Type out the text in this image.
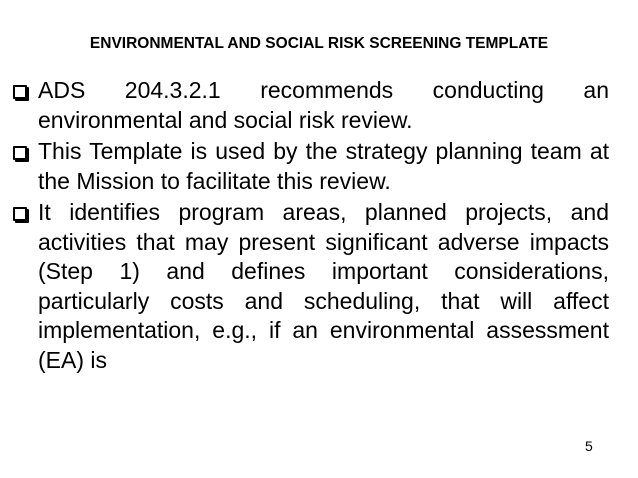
ENVIRONMENTAL AND SOCIAL RISK SCREENING TEMPLATE
ADS 204.3.2.1 recommends conducting an environmental and social risk review.
This Template is used by the strategy planning team at the Mission to facilitate this review.
It identifies program areas, planned projects, and activities that may present significant adverse impacts (Step 1) and defines important considerations, particularly costs and scheduling, that will affect implementation, e.g., if an environmental assessment (EA) is
5
